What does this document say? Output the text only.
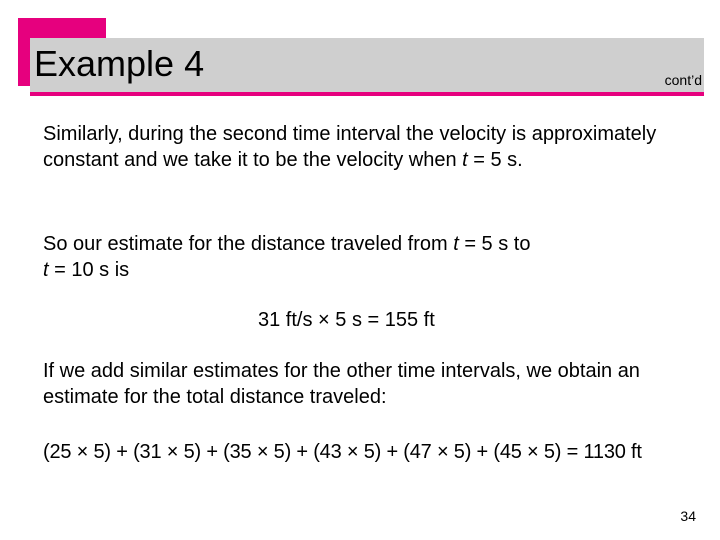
Example 4	cont’d

Similarly, during the second time interval the velocity is approximately constant and we take it to be the velocity when t = 5 s.

So our estimate for the distance traveled from t = 5 s to
t = 10 s is

31 ft/s × 5 s = 155 ft

If we add similar estimates for the other time intervals, we obtain an estimate for the total distance traveled:

(25 × 5) + (31 × 5) + (35 × 5) + (43 × 5) + (47 × 5) + (45 × 5) = 1130 ft

34
